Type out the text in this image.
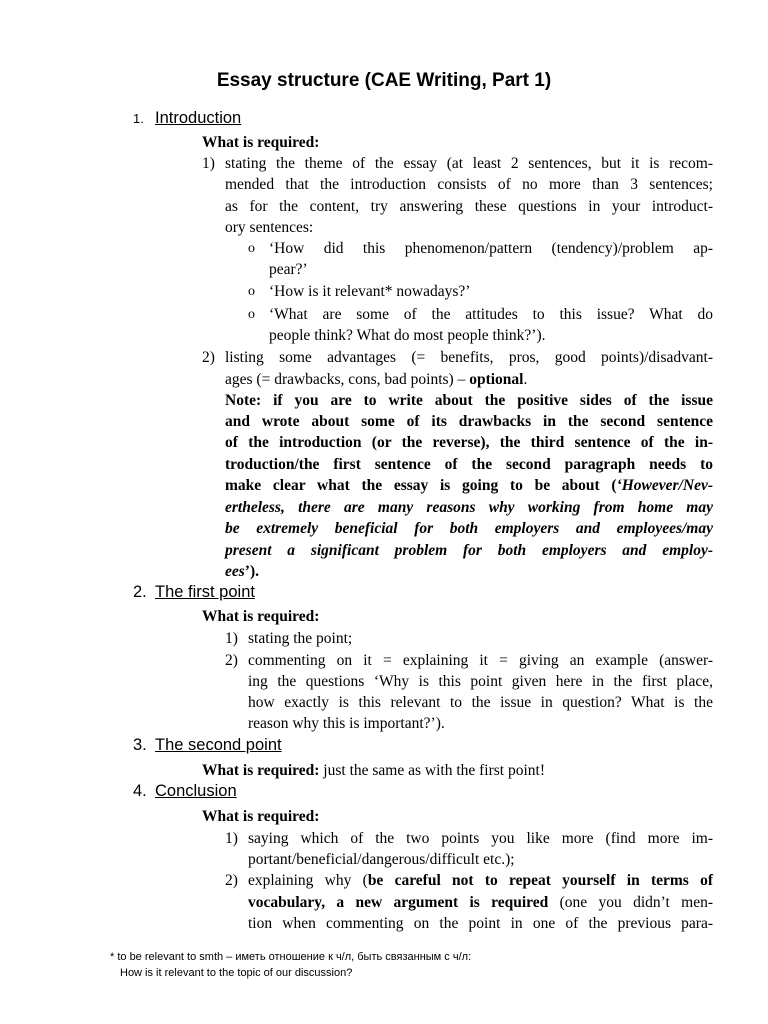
Essay structure (CAE Writing, Part 1)
1. Introduction
What is required:
1) stating the theme of the essay (at least 2 sentences, but it is recom-
mended that the introduction consists of no more than 3 sentences;
as for the content, try answering these questions in your introduct-
ory sentences:
o ‘How did this phenomenon/pattern (tendency)/problem ap-
pear?’
o ‘How is it relevant* nowadays?’
o ‘What are some of the attitudes to this issue? What do
people think? What do most people think?’).
2) listing some advantages (= benefits, pros, good points)/disadvant-
ages (= drawbacks, cons, bad points) – optional.
Note: if you are to write about the positive sides of the issue
and wrote about some of its drawbacks in the second sentence
of the introduction (or the reverse), the third sentence of the in-
troduction/the first sentence of the second paragraph needs to
make clear what the essay is going to be about (‘However/Nev-
ertheless, there are many reasons why working from home may
be extremely beneficial for both employers and employees/may
present a significant problem for both employers and employ-
ees’).
2. The first point
What is required:
1) stating the point;
2) commenting on it = explaining it = giving an example (answer-
ing the questions ‘Why is this point given here in the first place,
how exactly is this relevant to the issue in question? What is the
reason why this is important?’).
3. The second point
What is required: just the same as with the first point!
4. Conclusion
What is required:
1) saying which of the two points you like more (find more im-
portant/beneficial/dangerous/difficult etc.);
2) explaining why (be careful not to repeat yourself in terms of
vocabulary, a new argument is required (one you didn’t men-
tion when commenting on the point in one of the previous para-
* to be relevant to smth – иметь отношение к ч/л, быть связанным с ч/л:
How is it relevant to the topic of our discussion?
